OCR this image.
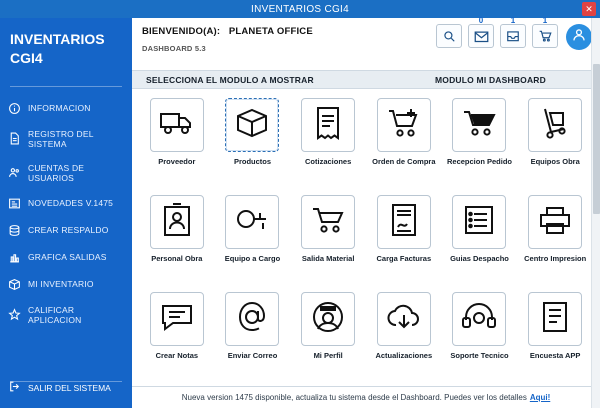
INVENTARIOS CGI4	✕
INVENTARIOS
CGI4
INFORMACION
REGISTRO DEL SISTEMA
CUENTAS DE USUARIOS
NOVEDADES V.1475
CREAR RESPALDO
GRAFICA SALIDAS
MI INVENTARIO
CALIFICAR APLICACION
SALIR DEL SISTEMA
BIENVENIDO(A): PLANETA OFFICE
DASHBOARD 5.3
0	1	1
SELECCIONA EL MODULO A MOSTRAR	MODULO MI DASHBOARD
Proveedor	Productos	Cotizaciones	Orden de Compra Recepcion Pedido Equipos Obra
Personal Obra	Equipo a Cargo	Salida Material	Carga Facturas	Guias Despacho Centro Impresion
Crear Notas	Enviar Correo	Mi Perfil	Actualizaciones Soporte Tecnico	Encuesta APP
Nueva version 1475 disponible, actualiza tu sistema desde el Dashboard. Puedes ver los detalles Aqui!
